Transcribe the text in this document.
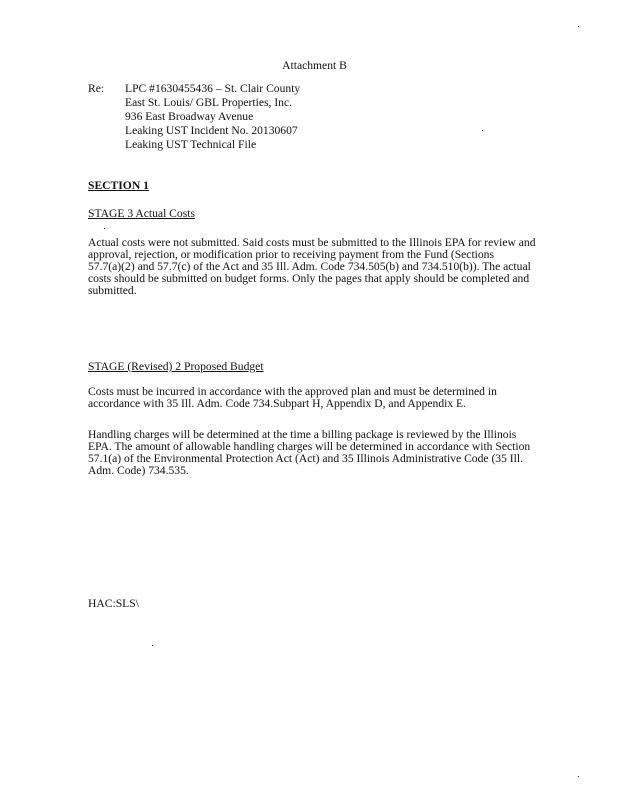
Attachment B
Re: LPC #1630455436 – St. Clair County
East St. Louis/ GBL Properties, Inc.
936 East Broadway Avenue
Leaking UST Incident No. 20130607
Leaking UST Technical File
SECTION 1
STAGE 3 Actual Costs
Actual costs were not submitted. Said costs must be submitted to the Illinois EPA for review and
approval, rejection, or modification prior to receiving payment from the Fund (Sections
57.7(a)(2) and 57.7(c) of the Act and 35 Ill. Adm. Code 734.505(b) and 734.510(b)). The actual
costs should be submitted on budget forms. Only the pages that apply should be completed and
submitted.
STAGE (Revised) 2 Proposed Budget
Costs must be incurred in accordance with the approved plan and must be determined in
accordance with 35 Ill. Adm. Code 734.Subpart H, Appendix D, and Appendix E.
Handling charges will be determined at the time a billing package is reviewed by the Illinois
EPA. The amount of allowable handling charges will be determined in accordance with Section
57.1(a) of the Environmental Protection Act (Act) and 35 Illinois Administrative Code (35 Ill.
Adm. Code) 734.535.
HAC:SLS\
